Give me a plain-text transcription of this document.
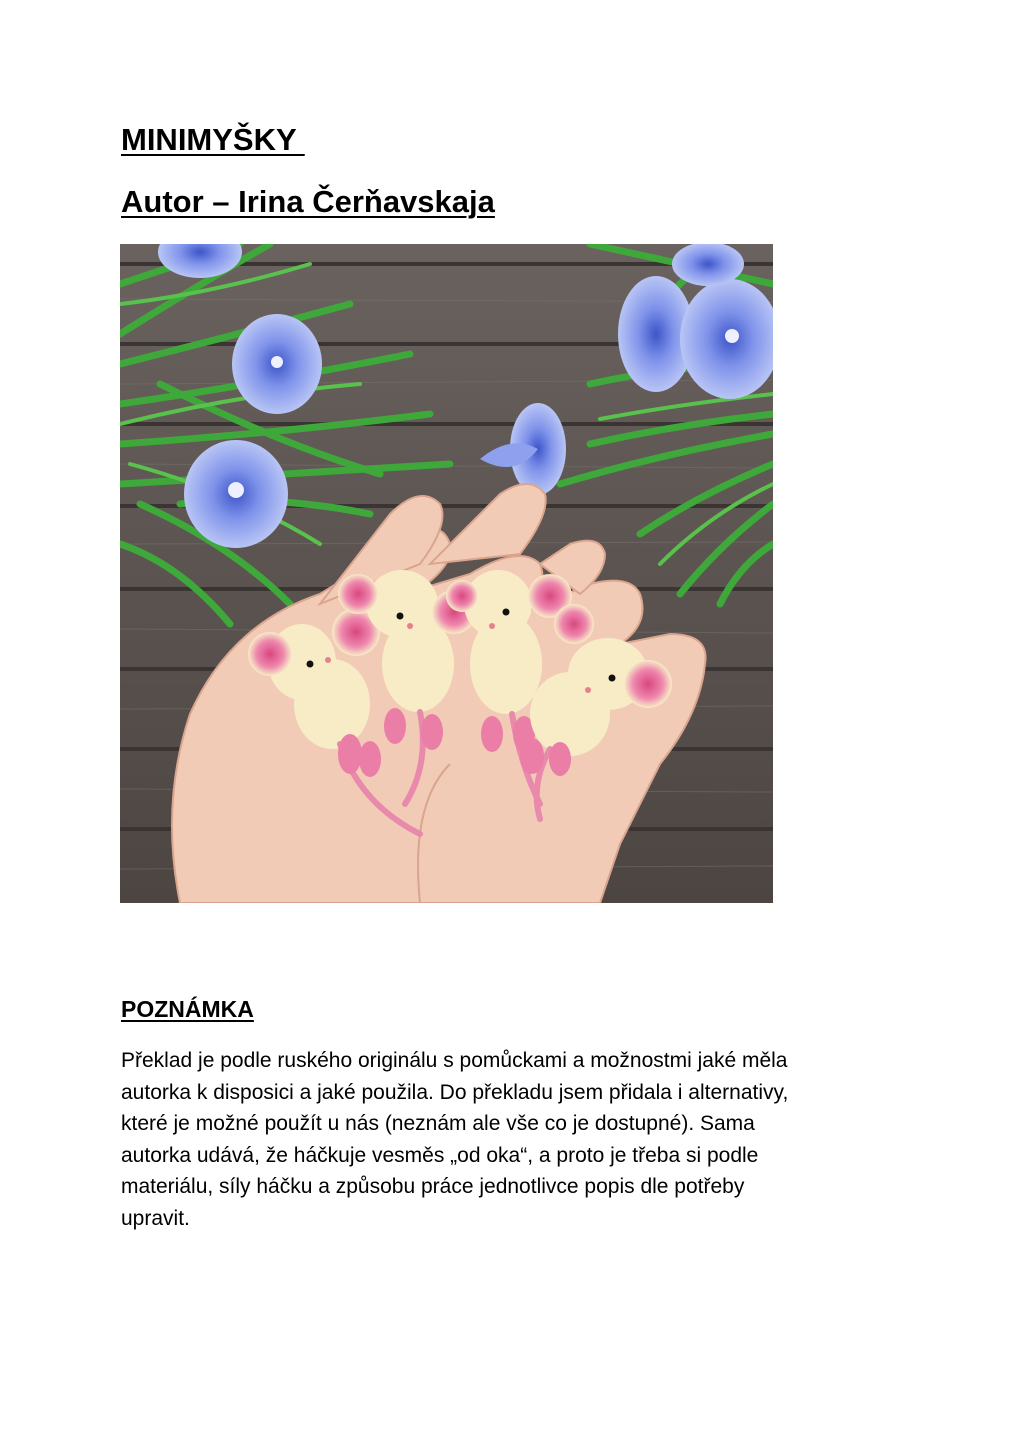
MINIMYŠKY
Autor – Irina Čerňavskaja
POZNÁMKA
Překlad je podle ruského originálu s pomůckami a možnostmi jaké měla
autorka k disposici a jaké použila. Do překladu jsem přidala i alternativy,
které je možné použít u nás (neznám ale vše co je dostupné). Sama
autorka udává, že háčkuje vesměs „od oka“, a proto je třeba si podle
materiálu, síly háčku a způsobu práce jednotlivce popis dle potřeby
upravit.
